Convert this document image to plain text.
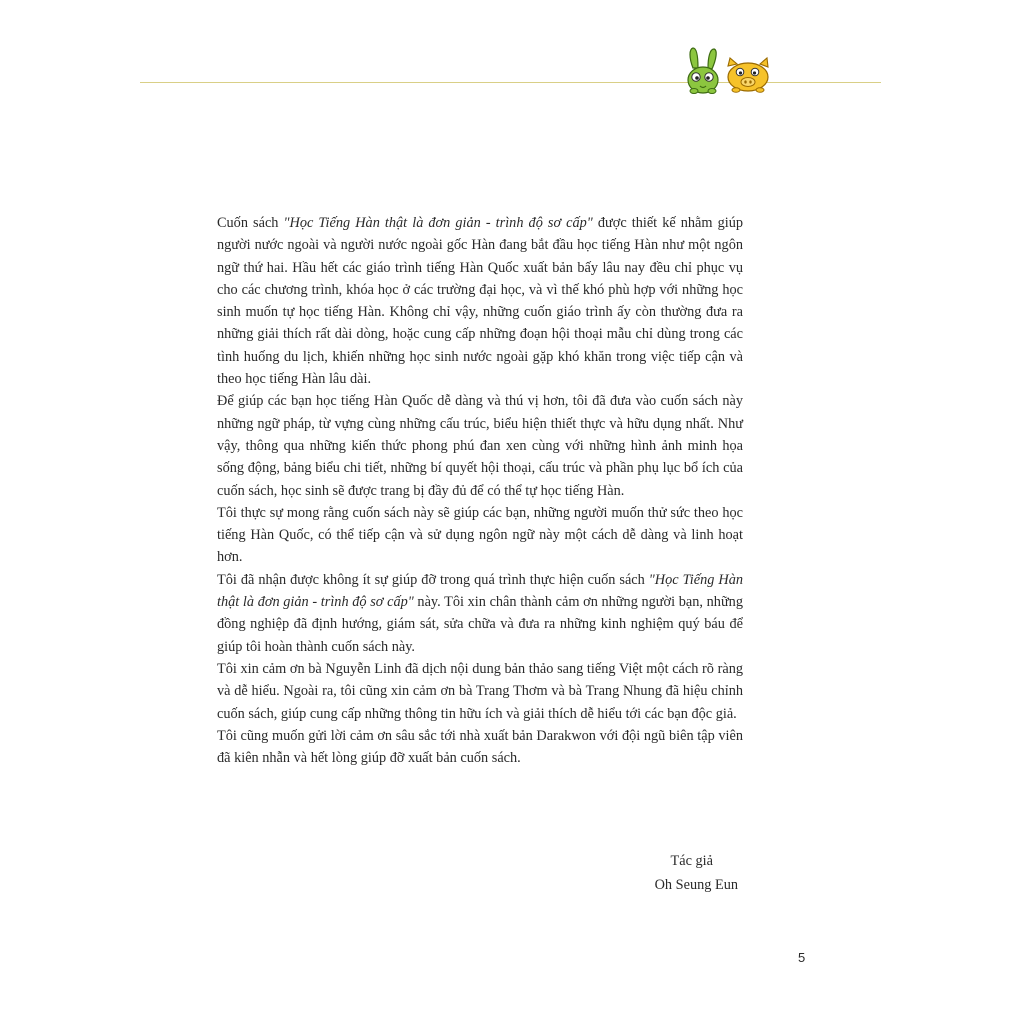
Cuốn sách "Học Tiếng Hàn thật là đơn giản - trình độ sơ cấp" được thiết kế nhằm giúp người nước ngoài và người nước ngoài gốc Hàn đang bắt đầu học tiếng Hàn như một ngôn ngữ thứ hai. Hầu hết các giáo trình tiếng Hàn Quốc xuất bản bấy lâu nay đều chỉ phục vụ cho các chương trình, khóa học ở các trường đại học, và vì thế khó phù hợp với những học sinh muốn tự học tiếng Hàn. Không chỉ vậy, những cuốn giáo trình ấy còn thường đưa ra những giải thích rất dài dòng, hoặc cung cấp những đoạn hội thoại mẫu chỉ dùng trong các tình huống du lịch, khiến những học sinh nước ngoài gặp khó khăn trong việc tiếp cận và theo học tiếng Hàn lâu dài.

Để giúp các bạn học tiếng Hàn Quốc dễ dàng và thú vị hơn, tôi đã đưa vào cuốn sách này những ngữ pháp, từ vựng cùng những cấu trúc, biểu hiện thiết thực và hữu dụng nhất. Như vậy, thông qua những kiến thức phong phú đan xen cùng với những hình ảnh minh họa sống động, bảng biểu chi tiết, những bí quyết hội thoại, cấu trúc và phần phụ lục bổ ích của cuốn sách, học sinh sẽ được trang bị đầy đủ để có thể tự học tiếng Hàn.

Tôi thực sự mong rằng cuốn sách này sẽ giúp các bạn, những người muốn thử sức theo học tiếng Hàn Quốc, có thể tiếp cận và sử dụng ngôn ngữ này một cách dễ dàng và linh hoạt hơn.

Tôi đã nhận được không ít sự giúp đỡ trong quá trình thực hiện cuốn sách "Học Tiếng Hàn thật là đơn giản - trình độ sơ cấp" này. Tôi xin chân thành cảm ơn những người bạn, những đồng nghiệp đã định hướng, giám sát, sửa chữa và đưa ra những kinh nghiệm quý báu để giúp tôi hoàn thành cuốn sách này.

Tôi xin cảm ơn bà Nguyễn Linh đã dịch nội dung bản thảo sang tiếng Việt một cách rõ ràng và dễ hiểu. Ngoài ra, tôi cũng xin cảm ơn bà Trang Thơm và bà Trang Nhung đã hiệu chỉnh cuốn sách, giúp cung cấp những thông tin hữu ích và giải thích dễ hiểu tới các bạn độc giả.

Tôi cũng muốn gửi lời cảm ơn sâu sắc tới nhà xuất bản Darakwon với đội ngũ biên tập viên đã kiên nhẫn và hết lòng giúp đỡ xuất bản cuốn sách.

Tác giả
Oh Seung Eun
5
